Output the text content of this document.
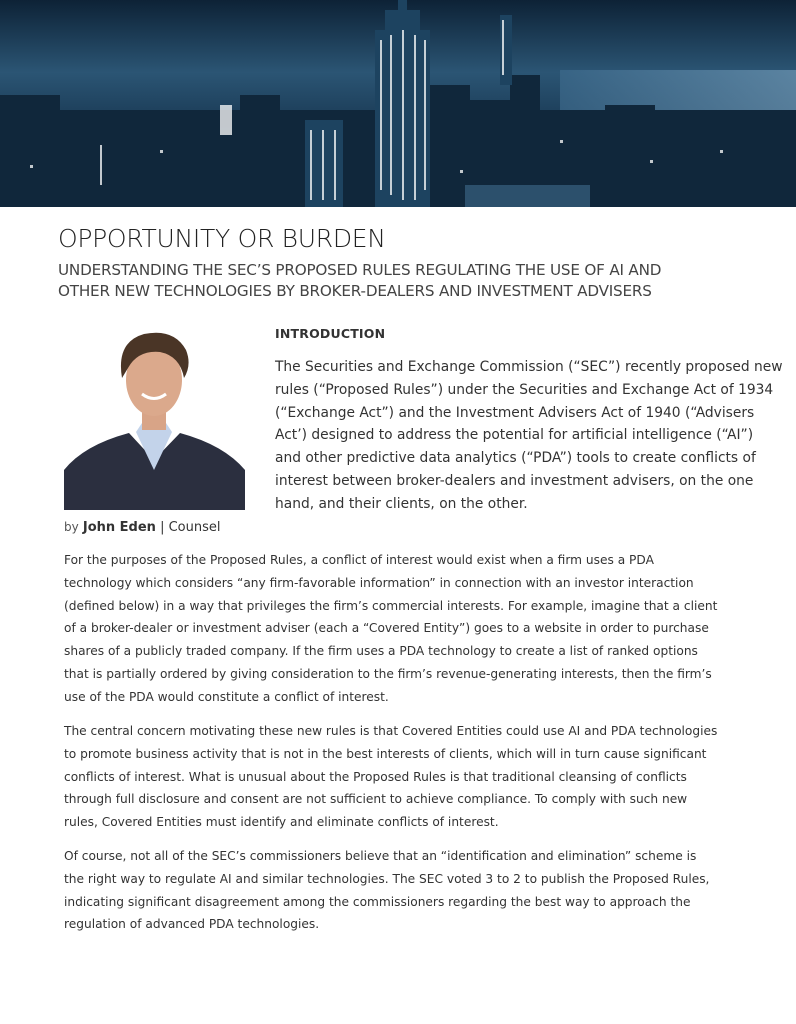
OPPORTUNITY OR BURDEN
UNDERSTANDING THE SEC’S PROPOSED RULES REGULATING THE USE OF AI AND
OTHER NEW TECHNOLOGIES BY BROKER-DEALERS AND INVESTMENT ADVISERS
by John Eden | Counsel
INTRODUCTION

The Securities and Exchange Commission (“SEC”) recently proposed new
rules (“Proposed Rules”) under the Securities and Exchange Act of 1934
(“Exchange Act”) and the Investment Advisers Act of 1940 (“Advisers
Act’) designed to address the potential for artificial intelligence (“AI”)
and other predictive data analytics (“PDA”) tools to create conflicts of
interest between broker-dealers and investment advisers, on the one
hand, and their clients, on the other.

For the purposes of the Proposed Rules, a conflict of interest would exist when a firm uses a PDA
technology which considers “any firm-favorable information” in connection with an investor interaction
(defined below) in a way that privileges the firm’s commercial interests. For example, imagine that a client
of a broker-dealer or investment adviser (each a “Covered Entity”) goes to a website in order to purchase
shares of a publicly traded company. If the firm uses a PDA technology to create a list of ranked options
that is partially ordered by giving consideration to the firm’s revenue-generating interests, then the firm’s
use of the PDA would constitute a conflict of interest.

The central concern motivating these new rules is that Covered Entities could use AI and PDA technologies
to promote business activity that is not in the best interests of clients, which will in turn cause significant
conflicts of interest. What is unusual about the Proposed Rules is that traditional cleansing of conflicts
through full disclosure and consent are not sufficient to achieve compliance. To comply with such new
rules, Covered Entities must identify and eliminate conflicts of interest.

Of course, not all of the SEC’s commissioners believe that an “identification and elimination” scheme is
the right way to regulate AI and similar technologies. The SEC voted 3 to 2 to publish the Proposed Rules,
indicating significant disagreement among the commissioners regarding the best way to approach the
regulation of advanced PDA technologies.
